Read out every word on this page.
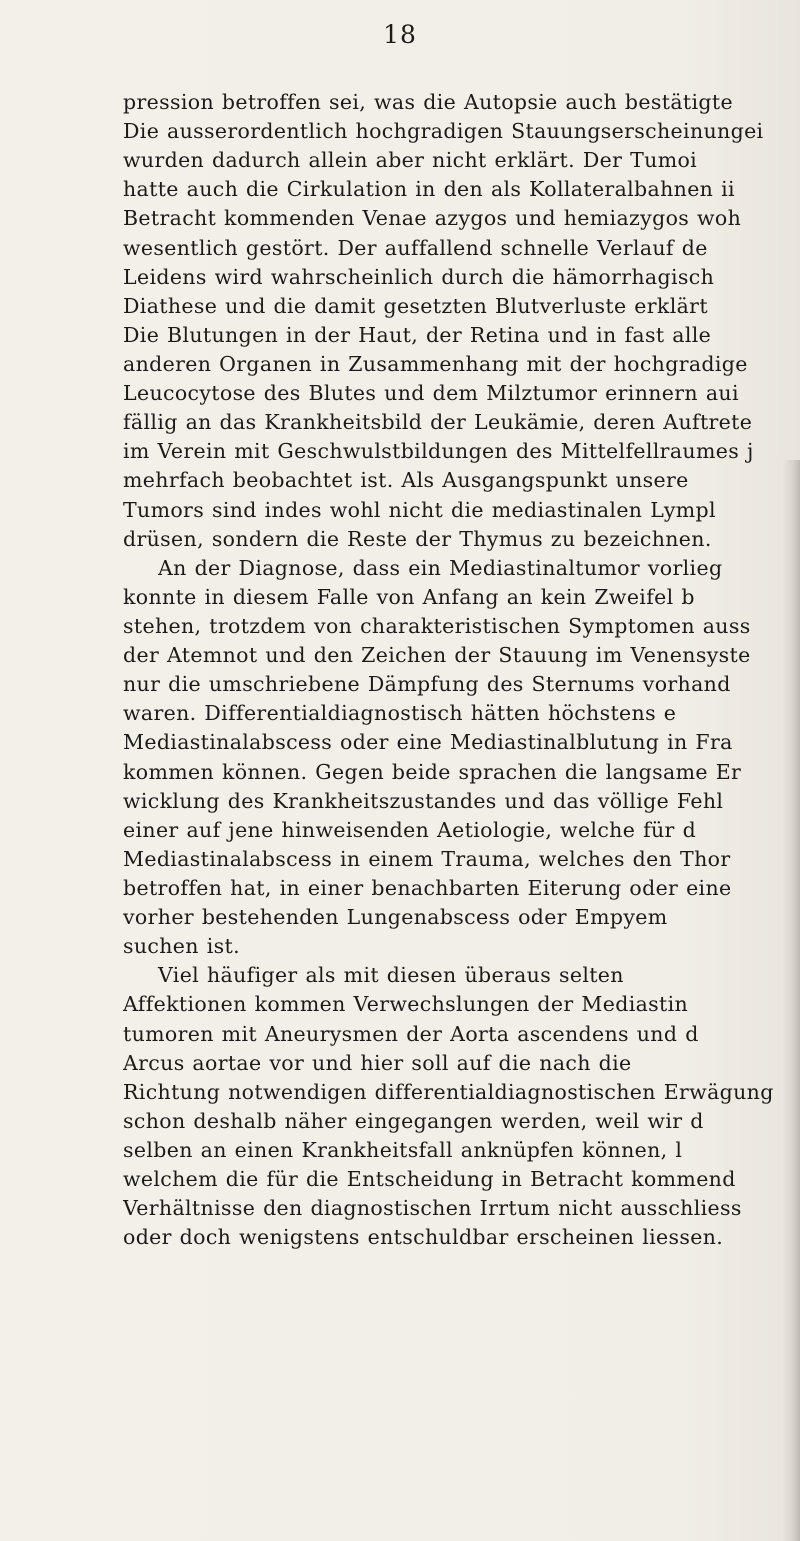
18
pression betroffen sei, was die Autopsie auch bestätigte
Die ausserordentlich hochgradigen Stauungserscheinungei
wurden dadurch allein aber nicht erklärt. Der Tumoi
hatte auch die Cirkulation in den als Kollateralbahnen ii
Betracht kommenden Venae azygos und hemiazygos woh
wesentlich gestört. Der auffallend schnelle Verlauf de
Leidens wird wahrscheinlich durch die hämorrhagisch
Diathese und die damit gesetzten Blutverluste erklärt
Die Blutungen in der Haut, der Retina und in fast alle
anderen Organen in Zusammenhang mit der hochgradige
Leucocytose des Blutes und dem Milztumor erinnern aui
fällig an das Krankheitsbild der Leukämie, deren Auftrete
im Verein mit Geschwulstbildungen des Mittelfellraumes j
mehrfach beobachtet ist. Als Ausgangspunkt unsere
Tumors sind indes wohl nicht die mediastinalen Lympl
drüsen, sondern die Reste der Thymus zu bezeichnen.
An der Diagnose, dass ein Mediastinaltumor vorlieg
konnte in diesem Falle von Anfang an kein Zweifel b
stehen, trotzdem von charakteristischen Symptomen auss
der Atemnot und den Zeichen der Stauung im Venensyste
nur die umschriebene Dämpfung des Sternums vorhand
waren. Differentialdiagnostisch hätten höchstens e
Mediastinalabscess oder eine Mediastinalblutung in Fra
kommen können. Gegen beide sprachen die langsame Er
wicklung des Krankheitszustandes und das völlige Fehl
einer auf jene hinweisenden Aetiologie, welche für d
Mediastinalabscess in einem Trauma, welches den Thor
betroffen hat, in einer benachbarten Eiterung oder eine
vorher bestehenden Lungenabscess oder Empyem
suchen ist.
Viel häufiger als mit diesen überaus selten
Affektionen kommen Verwechslungen der Mediastin
tumoren mit Aneurysmen der Aorta ascendens und d
Arcus aortae vor und hier soll auf die nach die
Richtung notwendigen differentialdiagnostischen Erwägung
schon deshalb näher eingegangen werden, weil wir d
selben an einen Krankheitsfall anknüpfen können, l
welchem die für die Entscheidung in Betracht kommend
Verhältnisse den diagnostischen Irrtum nicht ausschliess
oder doch wenigstens entschuldbar erscheinen liessen.
